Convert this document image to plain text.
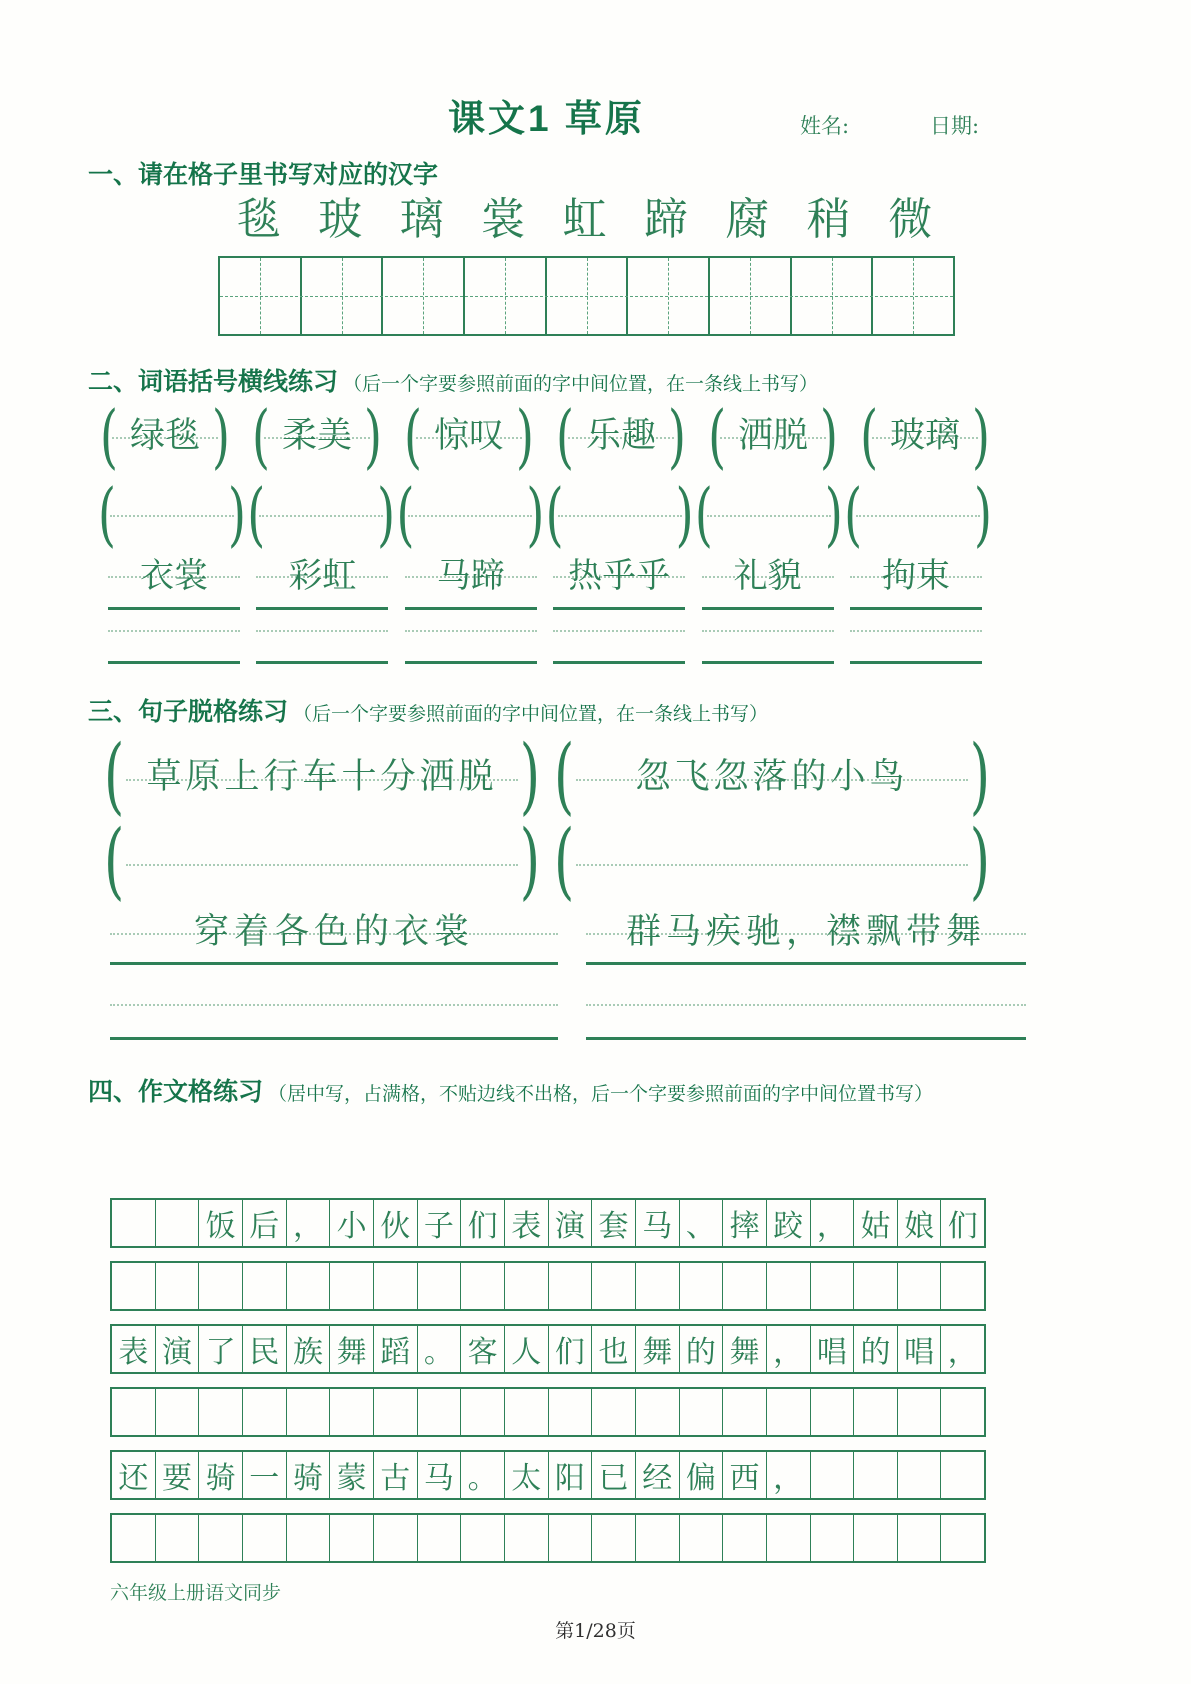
课文1 草原	姓名:	日期:
一、请在格子里书写对应的汉字
毯 玻 璃 裳 虹 蹄 腐 稍 微
二、词语括号横线练习 （后一个字要参照前面的字中间位置，在一条线上书写）
( 绿毯 ) ( 柔美 ) ( 惊叹 ) ( 乐趣 ) ( 洒脱 ) ( 玻璃 )
( ) ( ) ( ) ( ) ( ) ( )
衣裳	彩虹	马蹄	热乎乎	礼貌	拘束
三、句子脱格练习 （后一个字要参照前面的字中间位置，在一条线上书写）
( 草原上行车十分洒脱 ) (	忽飞忽落的小鸟	)
(	) (	)
穿着各色的衣裳	群马疾驰，襟飘带舞
四、作文格练习 （居中写，占满格，不贴边线不出格，后一个字要参照前面的字中间位置书写）
饭 后 ， 小 伙 子 们 表 演 套 马 、 摔 跤 ， 姑 娘 们
表 演 了 民 族 舞 蹈 。 客 人 们 也 舞 的 舞 ， 唱 的 唱 ，
还 要 骑 一 骑 蒙 古 马 。 太 阳 已 经 偏 西 ，
六年级上册语文同步
第1/28页
